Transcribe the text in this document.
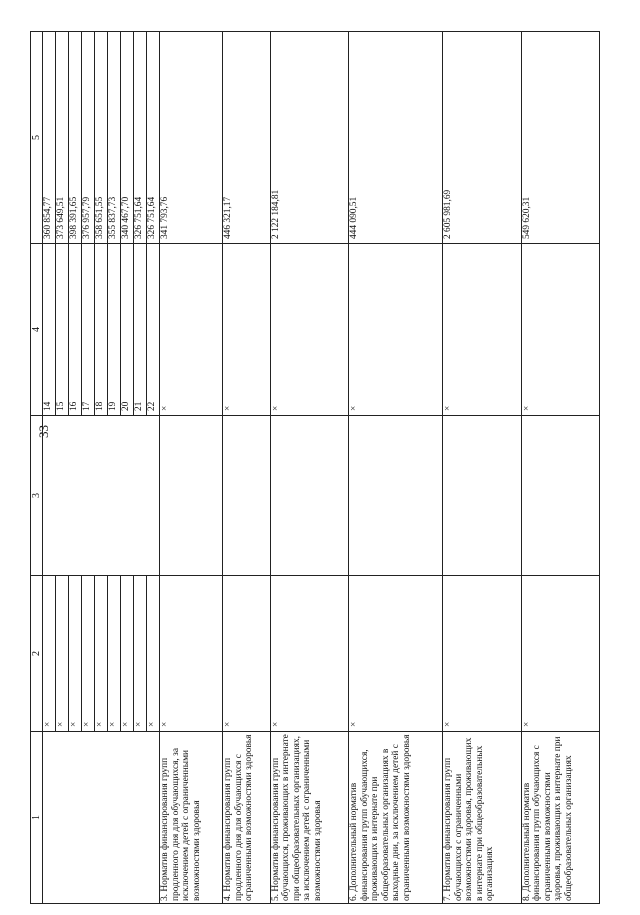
33
1	2	3	4	5
	×		14	360 854,77
	×		15	373 649,51
	×		16	398 391,65
	×		17	376 957,79
	×		18	358 651,55
	×		19	355 837,73
	×		20	340 467,70
	×		21	326 751,64
	×		22	326 751,64
3. Норматив финансирования групп продленного дня для обучающихся, за исключением детей с ограниченными возможностями здоровья	×		×	341 793,76
4. Норматив финансирования групп продленного дня для обучающихся с ограниченными возможностями здоровья	×		×	446 321,17
5. Норматив финансирования групп обучающихся, проживающих в интернате при общеобразовательных организациях, за исключением детей с ограниченными возможностями здоровья	×		×	2 122 184,81
6. Дополнительный норматив финансирования групп обучающихся, проживающих в интернате при общеобразовательных организациях в выходные дни, за исключением детей с ограниченными возможностями здоровья	×		×	444 090,51
7. Норматив финансирования групп обучающихся с ограниченными возможностями здоровья, проживающих в интернате при общеобразовательных организациях	×		×	2 605 981,69
8. Дополнительный норматив финансирования групп обучающихся с ограниченными возможностями здоровья, проживающих в интернате при общеобразовательных организациях	×		×	549 620,31
